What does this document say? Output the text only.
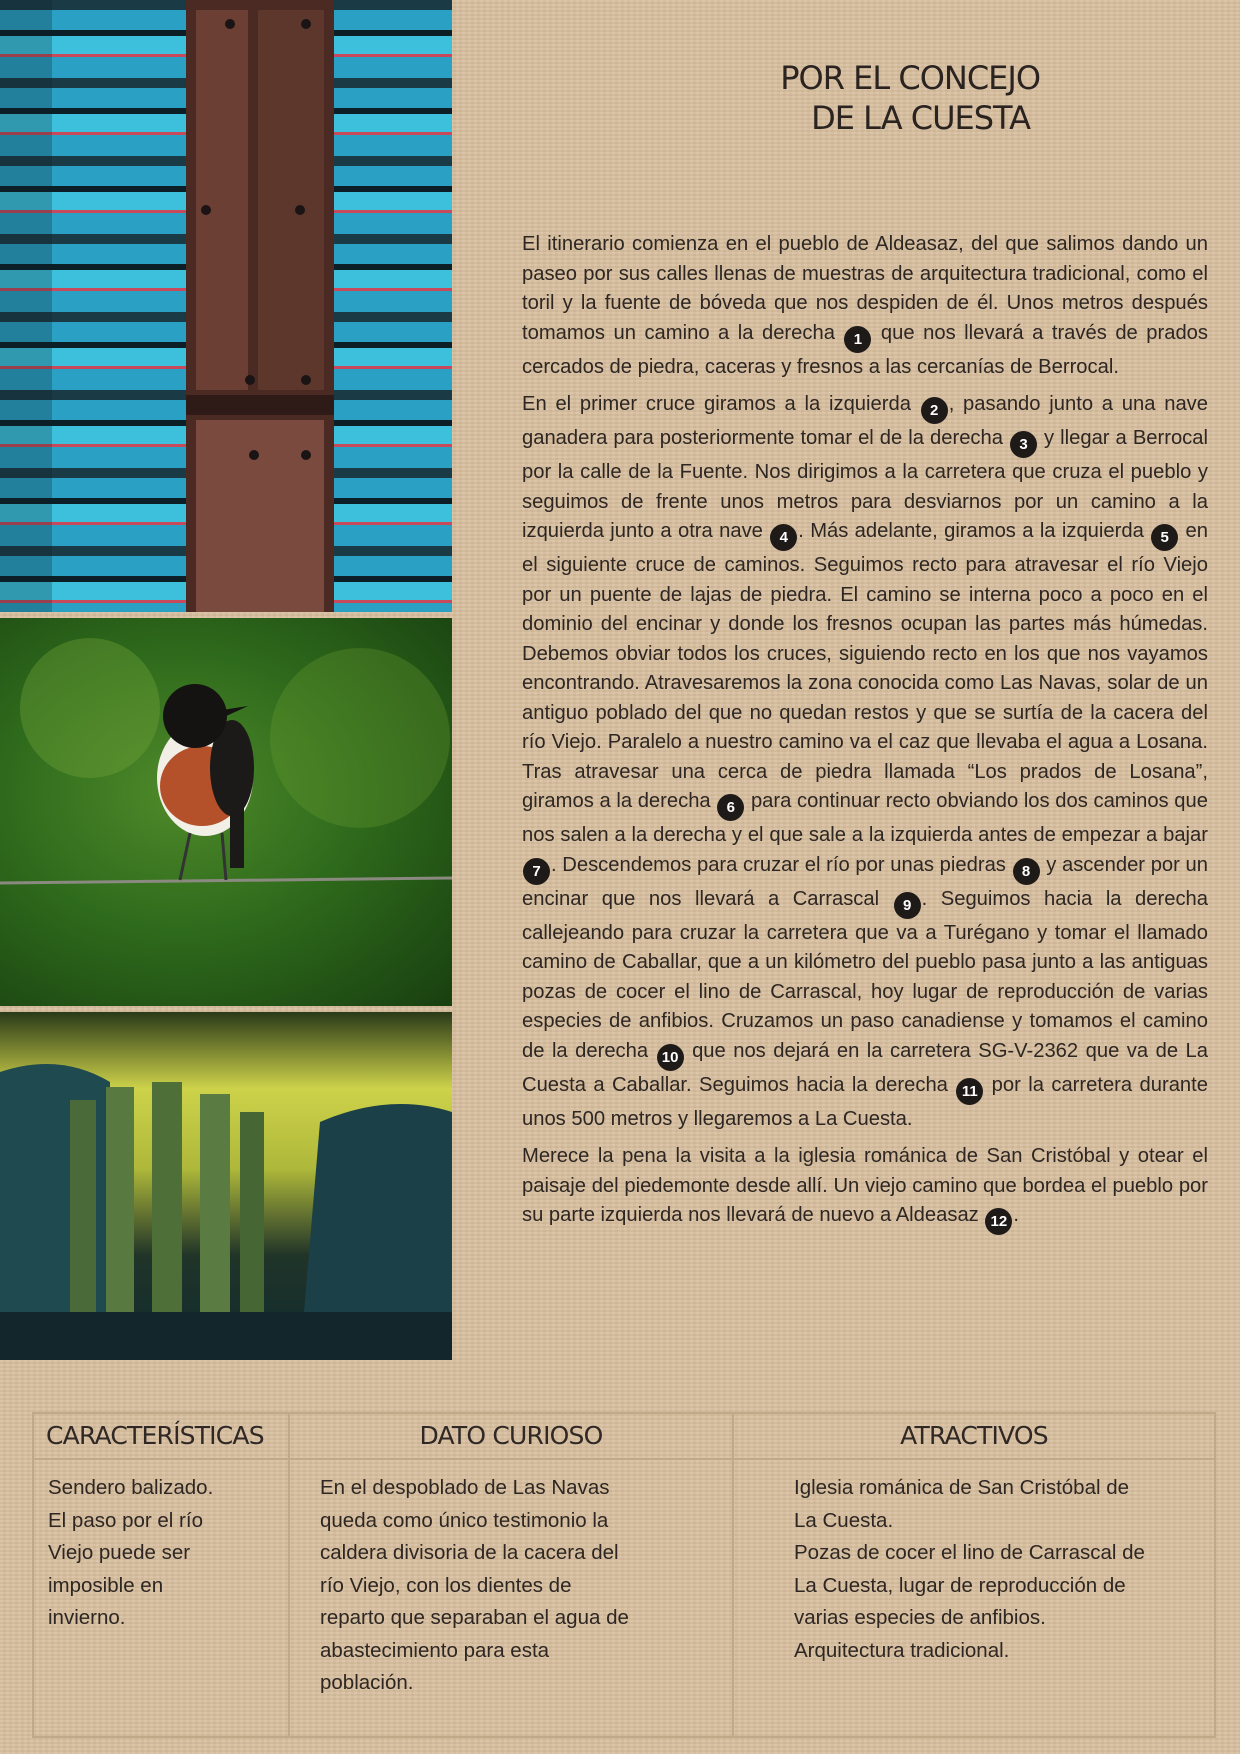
POR EL CONCEJO
DE LA CUESTA

El itinerario comienza en el pueblo de Aldeasaz, del que salimos dando un paseo por sus calles llenas de muestras de arquitectura tradicional, como el toril y la fuente de bóveda que nos despiden de él. Unos metros después tomamos un camino a la derecha 1 que nos llevará a través de prados cercados de piedra, caceras y fresnos a las cercanías de Berrocal.

En el primer cruce giramos a la izquierda 2 , pasando junto a una nave ganadera para posteriormente tomar el de la derecha 3 y llegar a Berrocal por la calle de la Fuente. Nos dirigimos a la carretera que cruza el pueblo y seguimos de frente unos metros para desviarnos por un camino a la izquierda junto a otra nave 4 . Más adelante, giramos a la izquierda 5 en el siguiente cruce de caminos. Seguimos recto para atravesar el río Viejo por un puente de lajas de piedra. El camino se interna poco a poco en el dominio del encinar y donde los fresnos ocupan las partes más húmedas. Debemos obviar todos los cruces, siguiendo recto en los que nos vayamos encontrando. Atravesaremos la zona conocida como Las Navas, solar de un antiguo poblado del que no quedan restos y que se surtía de la cacera del río Viejo. Paralelo a nuestro camino va el caz que llevaba el agua a Losana. Tras atravesar una cerca de piedra llamada “Los prados de Losana”, giramos a la derecha 6 para continuar recto obviando los dos caminos que nos salen a la derecha y el que sale a la izquierda antes de empezar a bajar 7 . Descendemos para cruzar el río por unas piedras 8 y ascender por un encinar que nos llevará a Carrascal 9 . Seguimos hacia la derecha callejeando para cruzar la carretera que va a Turégano y tomar el llamado camino de Caballar, que a un kilómetro del pueblo pasa junto a las antiguas pozas de cocer el lino de Carrascal, hoy lugar de reproducción de varias especies de anfibios. Cruzamos un paso canadiense y tomamos el camino de la derecha 10 que nos dejará en la carretera SG-V-2362 que va de La Cuesta a Caballar. Seguimos hacia la derecha 11 por la carretera durante unos 500 metros y llegaremos a La Cuesta.

Merece la pena la visita a la iglesia románica de San Cristóbal y otear el paisaje del piedemonte desde allí. Un viejo camino que bordea el pueblo por su parte izquierda nos llevará de nuevo a Aldeasaz 12 .

CARACTERÍSTICAS
Sendero balizado.
El paso por el río
Viejo puede ser
imposible en
invierno.
DATO CURIOSO
En el despoblado de Las Navas
queda como único testimonio la
caldera divisoria de la cacera del
río Viejo, con los dientes de
reparto que separaban el agua de
abastecimiento para esta
población.
ATRACTIVOS
Iglesia románica de San Cristóbal de
La Cuesta.
Pozas de cocer el lino de Carrascal de
La Cuesta, lugar de reproducción de
varias especies de anfibios.
Arquitectura tradicional.
